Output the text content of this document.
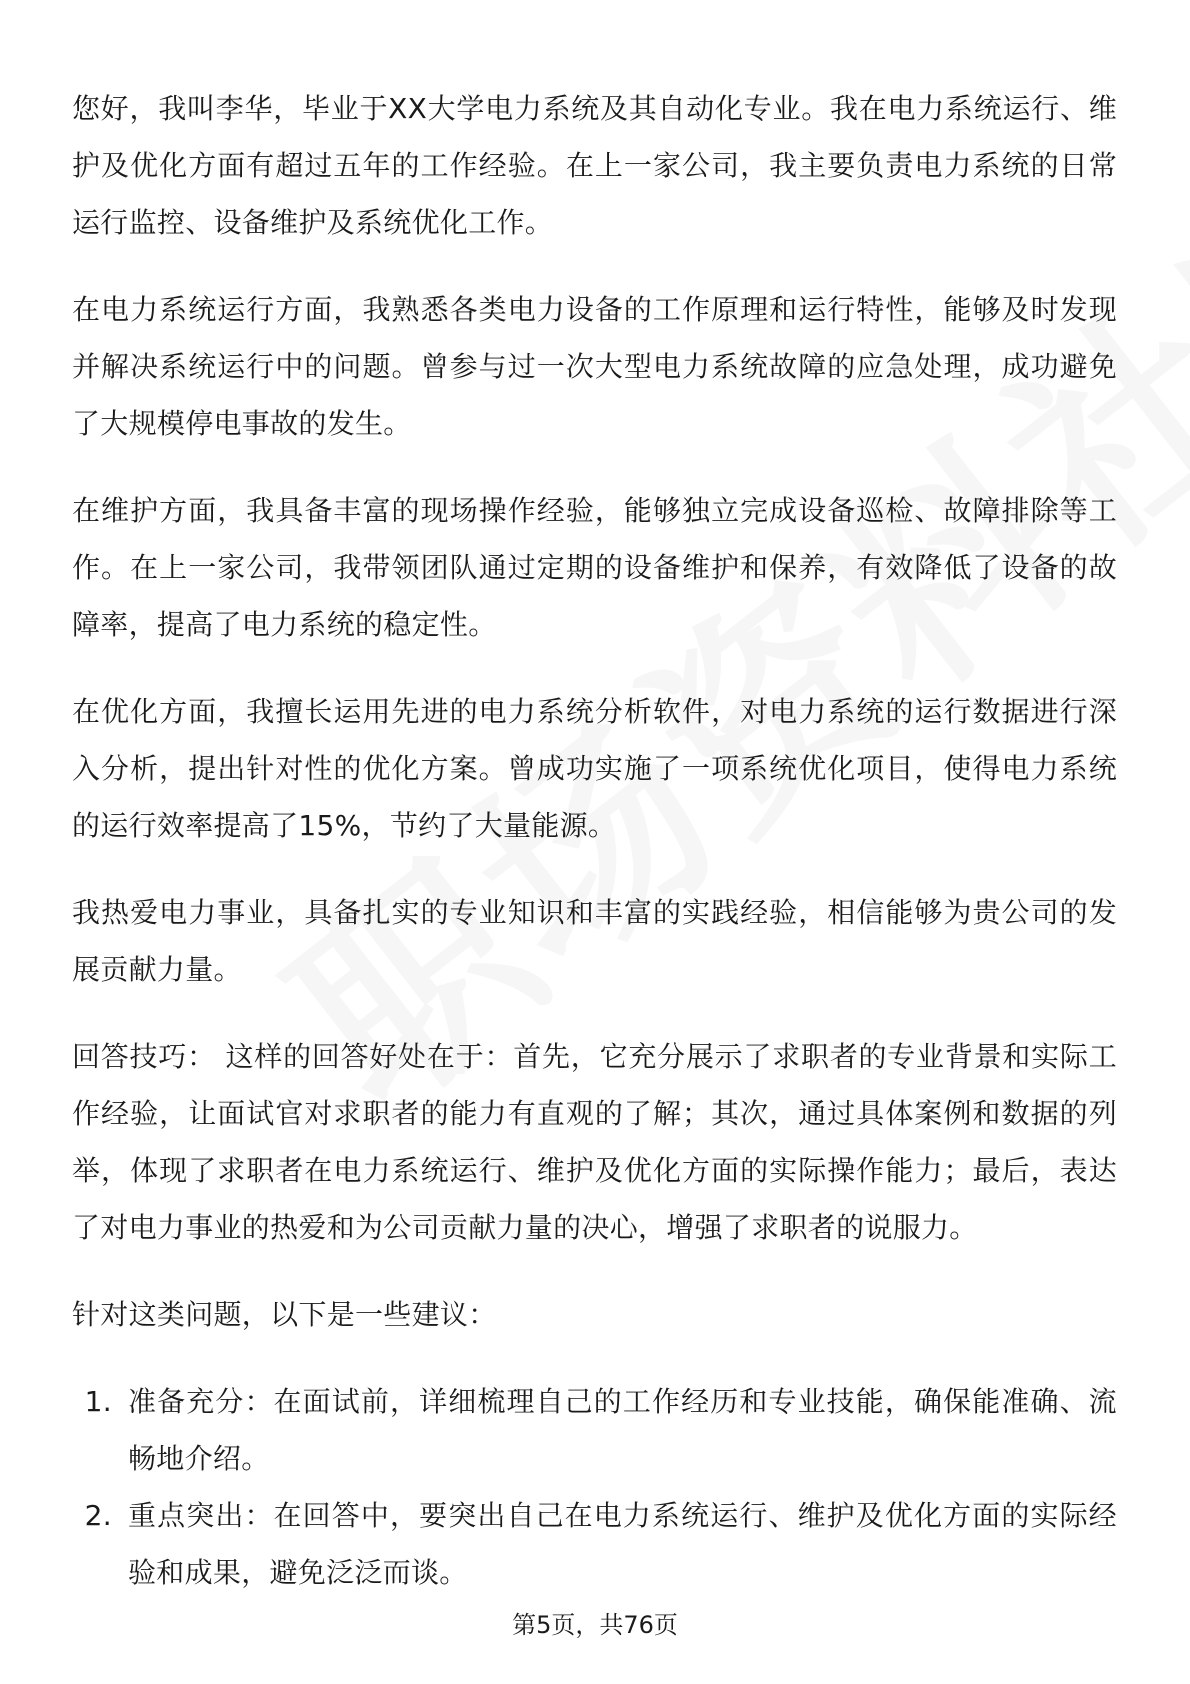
您好，我叫李华，毕业于XX大学电力系统及其自动化专业。我在电力系统运行、维护及优化方面有超过五年的工作经验。在上一家公司，我主要负责电力系统的日常运行监控、设备维护及系统优化工作。

在电力系统运行方面，我熟悉各类电力设备的工作原理和运行特性，能够及时发现并解决系统运行中的问题。曾参与过一次大型电力系统故障的应急处理，成功避免了大规模停电事故的发生。

在维护方面，我具备丰富的现场操作经验，能够独立完成设备巡检、故障排除等工作。在上一家公司，我带领团队通过定期的设备维护和保养，有效降低了设备的故障率，提高了电力系统的稳定性。

在优化方面，我擅长运用先进的电力系统分析软件，对电力系统的运行数据进行深入分析，提出针对性的优化方案。曾成功实施了一项系统优化项目，使得电力系统的运行效率提高了15%，节约了大量能源。

我热爱电力事业，具备扎实的专业知识和丰富的实践经验，相信能够为贵公司的发展贡献力量。

回答技巧： 这样的回答好处在于：首先，它充分展示了求职者的专业背景和实际工作经验，让面试官对求职者的能力有直观的了解；其次，通过具体案例和数据的列举，体现了求职者在电力系统运行、维护及优化方面的实际操作能力；最后，表达了对电力事业的热爱和为公司贡献力量的决心，增强了求职者的说服力。

针对这类问题，以下是一些建议：

1. 准备充分：在面试前，详细梳理自己的工作经历和专业技能，确保能准确、流畅地介绍。
2. 重点突出：在回答中，要突出自己在电力系统运行、维护及优化方面的实际经验和成果，避免泛泛而谈。
第5页，共76页
